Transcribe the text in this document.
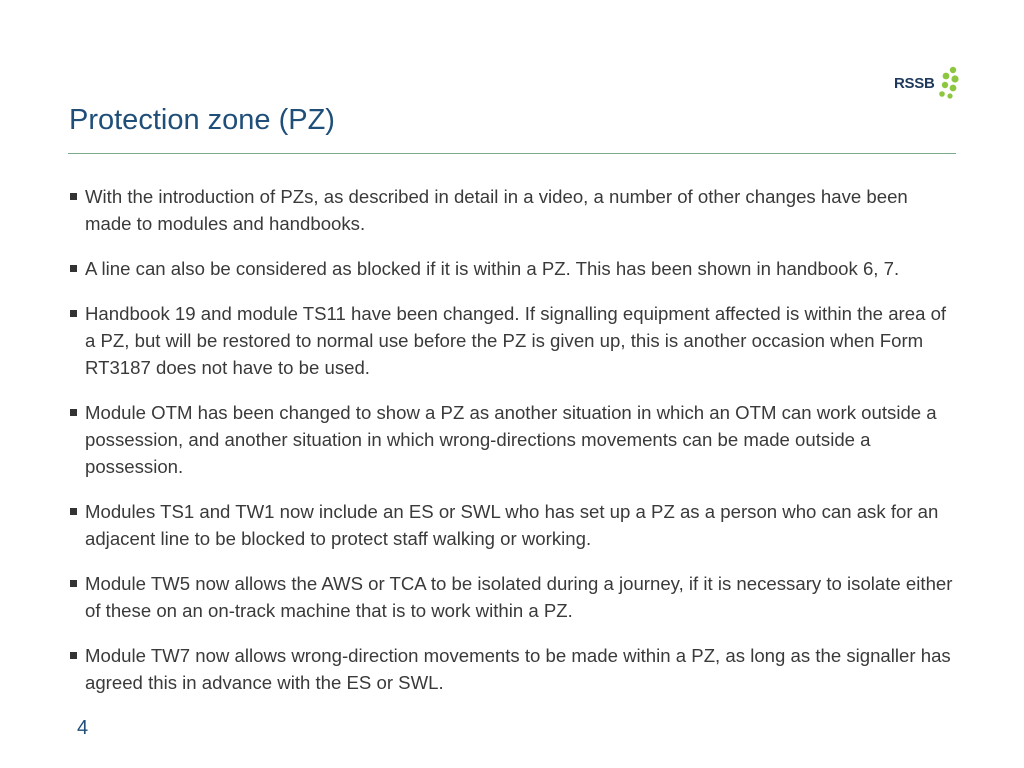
RSSB
Protection zone (PZ)
With the introduction of PZs, as described in detail in a video, a number of other changes have been made to modules and handbooks.
A line can also be considered as blocked if it is within a PZ. This has been shown in handbook 6, 7.
Handbook 19 and module TS11 have been changed. If signalling equipment affected is within the area of a PZ, but will be restored to normal use before the PZ is given up, this is another occasion when Form RT3187 does not have to be used.
Module OTM has been changed to show a PZ as another situation in which an OTM can work outside a possession, and another situation in which wrong-directions movements can be made outside a possession.
Modules TS1 and TW1 now include an ES or SWL who has set up a PZ as a person who can ask for an adjacent line to be blocked to protect staff walking or working.
Module TW5 now allows the AWS or TCA to be isolated during a journey, if it is necessary to isolate either of these on an on-track machine that is to work within a PZ.
Module TW7 now allows wrong-direction movements to be made within a PZ, as long as the signaller has agreed this in advance with the ES or SWL.
4
